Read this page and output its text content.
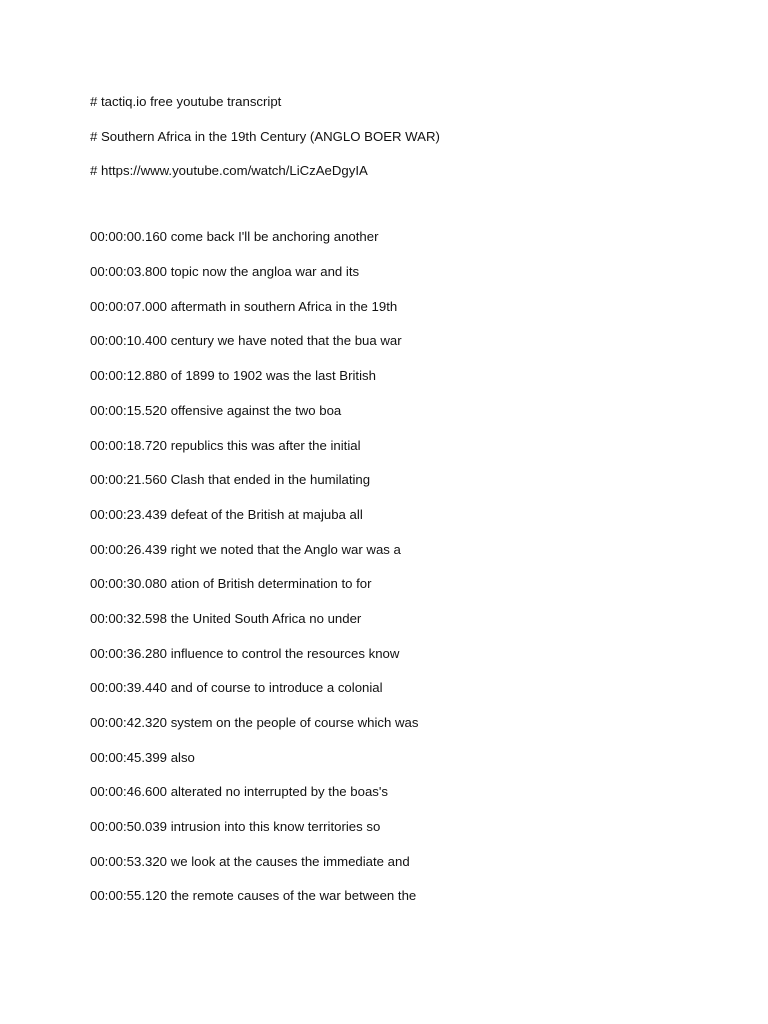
# tactiq.io free youtube transcript

# Southern Africa in the 19th Century (ANGLO BOER WAR)

# https://www.youtube.com/watch/LiCzAeDgyIA

00:00:00.160 come back I'll be anchoring another

00:00:03.800 topic now the angloa war and its

00:00:07.000 aftermath in southern Africa in the 19th

00:00:10.400 century we have noted that the bua war

00:00:12.880 of 1899 to 1902 was the last British

00:00:15.520 offensive against the two boa

00:00:18.720 republics this was after the initial

00:00:21.560 Clash that ended in the humilating

00:00:23.439 defeat of the British at majuba all

00:00:26.439 right we noted that the Anglo war was a

00:00:30.080 ation of British determination to for

00:00:32.598 the United South Africa no under

00:00:36.280 influence to control the resources know

00:00:39.440 and of course to introduce a colonial

00:00:42.320 system on the people of course which was

00:00:45.399 also

00:00:46.600 alterated no interrupted by the boas's

00:00:50.039 intrusion into this know territories so

00:00:53.320 we look at the causes the immediate and

00:00:55.120 the remote causes of the war between the
